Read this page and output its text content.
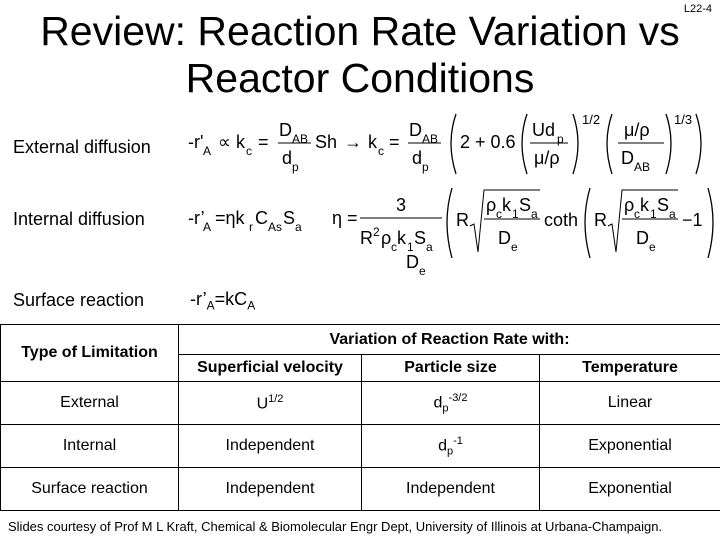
L22-4
Review: Reaction Rate Variation vs
Reactor Conditions
External diffusion -r' A ∝ k c =
D AB
d p
Sh → k c =
D AB
d p
2 + 0.6
Ud p
μ/ρ
1/2
μ/ρ
D AB
1/3
Internal diffusion -r’
A =ηk r C As S a η =
3
R 2 ρ c k 1 S a
D e
R
ρ c k 1 S a
D e
coth R
ρ c k 1 S a
D e
−1
Surface reaction	$-r’_A=kC_A$
Type of Limitation	Variation of Reaction Rate with:		
	Superficial velocity	Particle size	Temperature
External	$U^{1/2}$	$d_p^{-3/2}$	Linear
Internal	Independent	$d_p^{-1}$	Exponential
Surface reaction	Independent	Independent	Exponential
Slides courtesy of Prof M L Kraft, Chemical & Biomolecular Engr Dept, University of Illinois at Urbana-Champaign.
